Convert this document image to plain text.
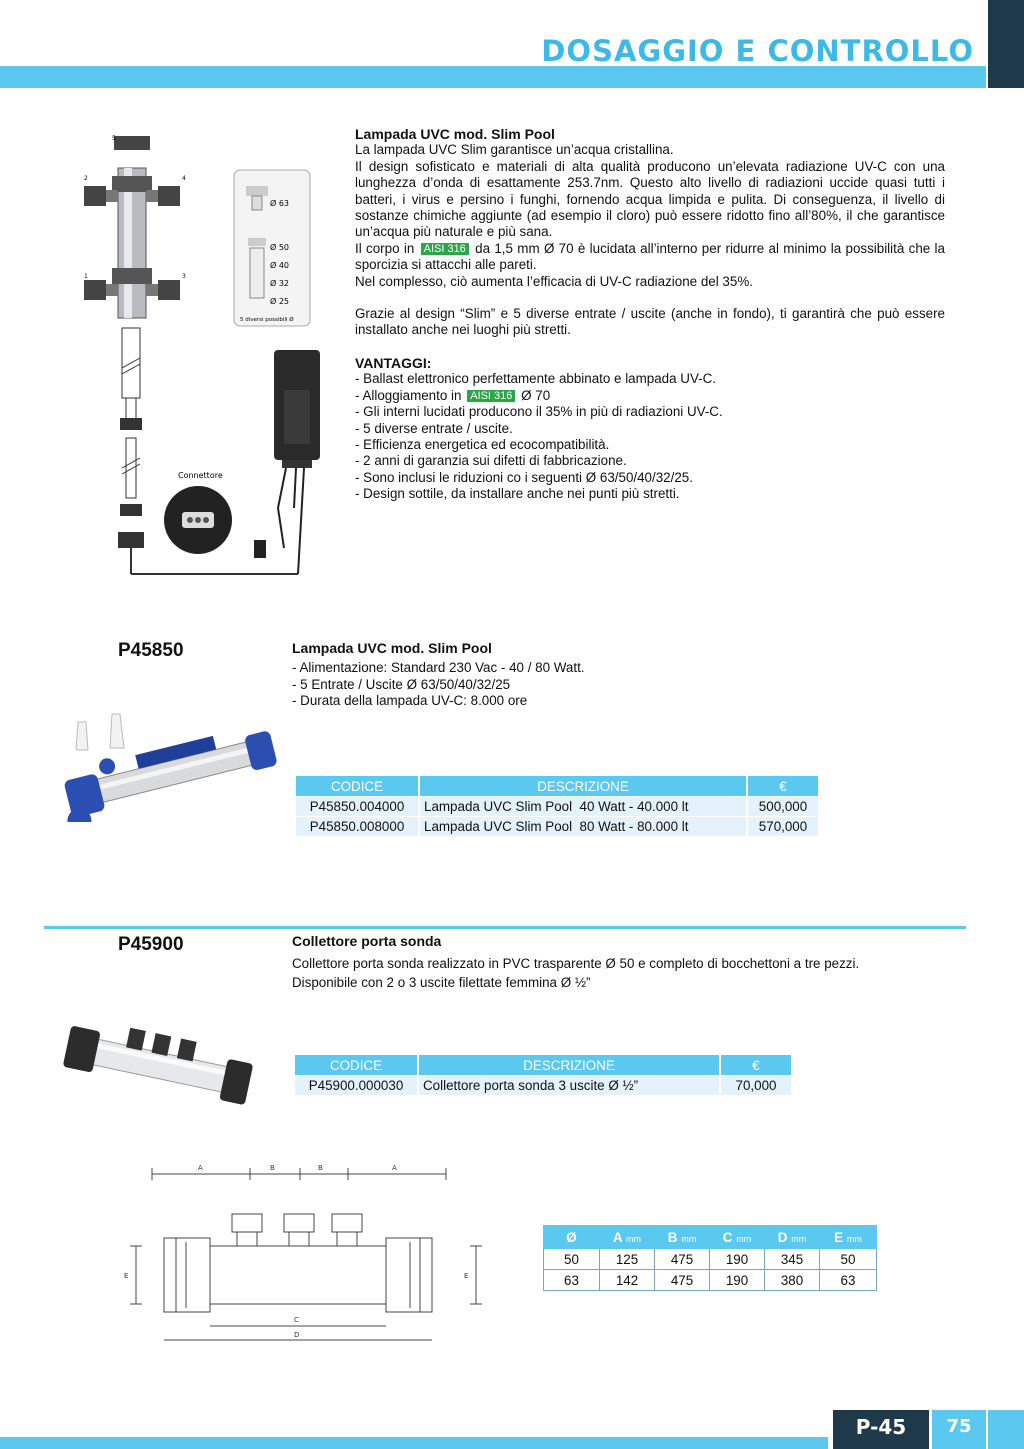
DOSAGGIO E CONTROLLO
5
2	4
1	3
Ø 63
Ø 50
Ø 40
Ø 32
Ø 25
5 diversi possibili Ø
Connettore

Lampada UVC mod. Slim Pool

La lampada UVC Slim garantisce un’acqua cristallina.

Il design sofisticato e materiali di alta qualità producono un’elevata radiazione UV-C con una lunghezza d’onda di esattamente 253.7nm. Questo alto livello di radiazioni uccide quasi tutti i batteri, i virus e persino i funghi, fornendo acqua limpida e pulita. Di conseguenza, il livello di sostanze chimiche aggiunte (ad esempio il cloro) può essere ridotto fino all’80%, il che garantisce un’acqua più naturale e più sana.

Il corpo in AISI 316 da 1,5 mm Ø 70 è lucidata all’interno per ridurre al minimo la possibilità che la sporcizia si attacchi alle pareti.

Nel complesso, ciò aumenta l’efficacia di UV-C radiazione del 35%.

Grazie al design “Slim” e 5 diverse entrate / uscite (anche in fondo), ti garantirà che può essere installato anche nei luoghi più stretti.

VANTAGGI:

- Ballast elettronico perfettamente abbinato e lampada UV-C.
- Alloggiamento in AISI 316 Ø 70
- Gli interni lucidati producono il 35% in più di radiazioni UV-C.
- 5 diverse entrate / uscite.
- Efficienza energetica ed ecocompatibilità.
- 2 anni di garanzia sui difetti di fabbricazione.
- Sono inclusi le riduzioni co i seguenti Ø 63/50/40/32/25.
- Design sottile, da installare anche nei punti più stretti.
P45850	Lampada UVC mod. Slim Pool
- Alimentazione: Standard 230 Vac - 40 / 80 Watt.
- 5 Entrate / Uscite Ø 63/50/40/32/25
- Durata della lampada UV-C: 8.000 ore
CODICE	DESCRIZIONE	€
P45850.004000	Lampada UVC Slim Pool  40 Watt - 40.000 lt	500,000
P45850.008000	Lampada UVC Slim Pool  80 Watt - 80.000 lt	570,000
P45900	Collettore porta sonda
Collettore porta sonda realizzato in PVC trasparente Ø 50 e completo di bocchettoni a tre pezzi.
Disponibile con 2 o 3 uscite filettate femmina Ø ½”
CODICE	DESCRIZIONE	€
P45900.000030	Collettore porta sonda 3 uscite Ø ½”	70,000
A	B	B	A
C
D
E	E
Ø	A mm	B mm	C mm	D mm	E mm
50	125	475	190	345	50
63	142	475	190	380	63
P-45	75
